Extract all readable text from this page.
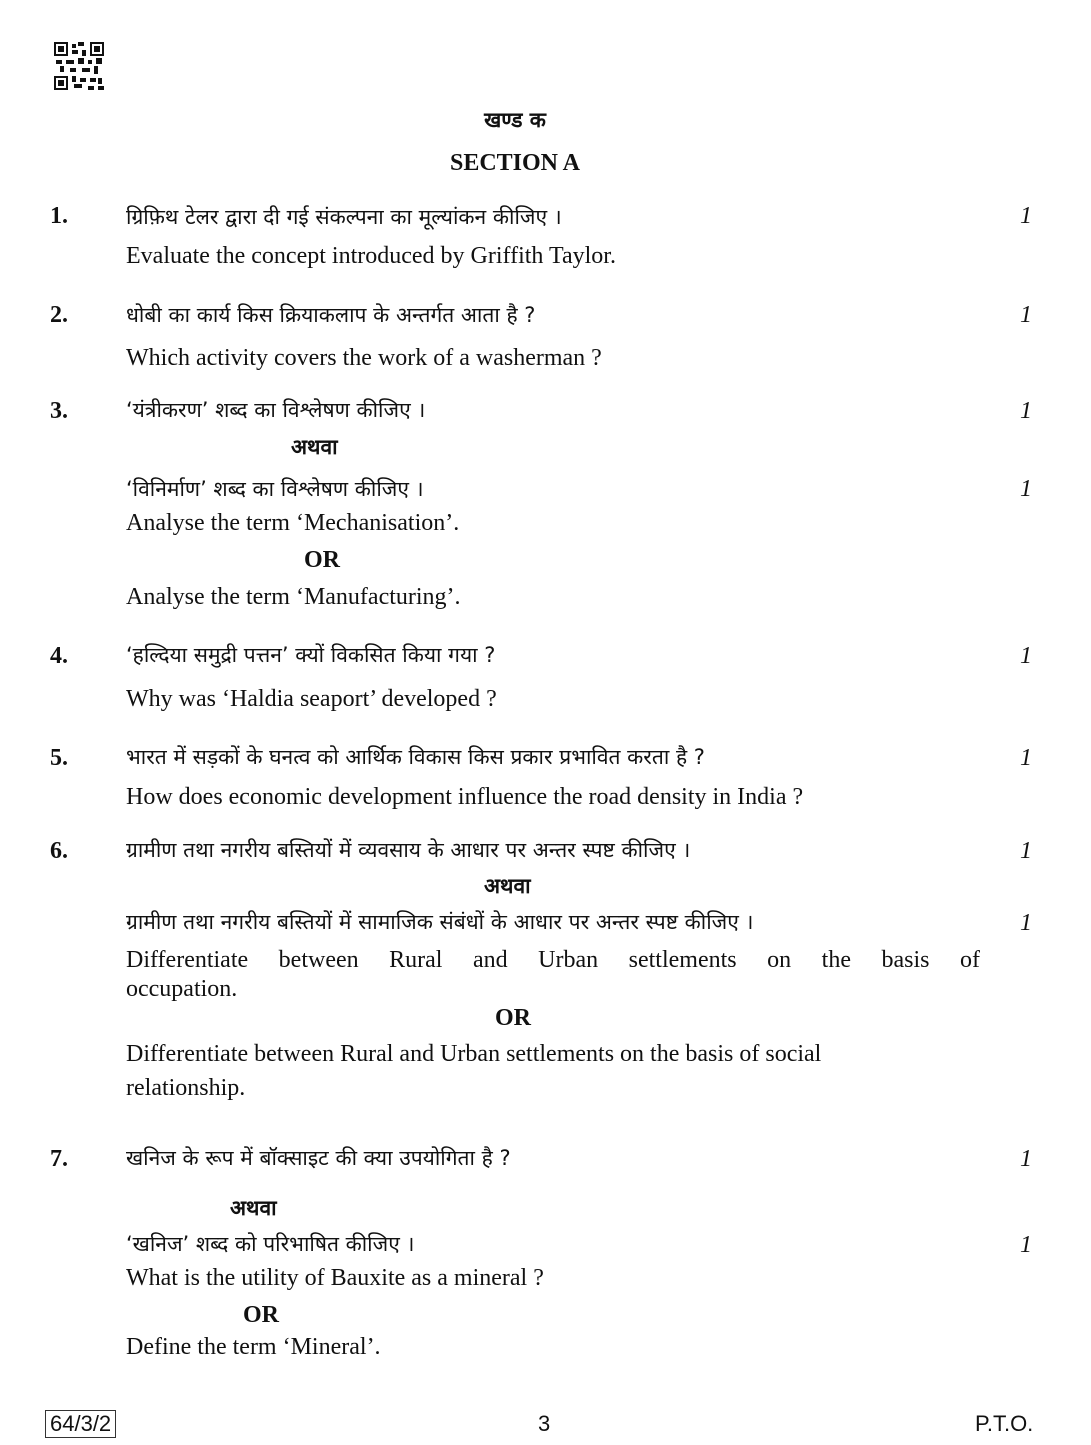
खण्ड क
SECTION A
1.	ग्रिफ़िथ टेलर द्वारा दी गई संकल्पना का मूल्यांकन कीजिए ।	1
Evaluate the concept introduced by Griffith Taylor.
2.	धोबी का कार्य किस क्रियाकलाप के अन्तर्गत आता है ?	1
Which activity covers the work of a washerman ?
3.	‘यंत्रीकरण’ शब्द का विश्लेषण कीजिए ।	1
अथवा
‘विनिर्माण’ शब्द का विश्लेषण कीजिए ।	1
Analyse the term ‘Mechanisation’.
OR
Analyse the term ‘Manufacturing’.
4.	‘हल्दिया समुद्री पत्तन’ क्यों विकसित किया गया ?	1
Why was ‘Haldia seaport’ developed ?
5.	भारत में सड़कों के घनत्व को आर्थिक विकास किस प्रकार प्रभावित करता है ?	1
How does economic development influence the road density in India ?
6.	ग्रामीण तथा नगरीय बस्तियों में व्यवसाय के आधार पर अन्तर स्पष्ट कीजिए ।	1
अथवा
ग्रामीण तथा नगरीय बस्तियों में सामाजिक संबंधों के आधार पर अन्तर स्पष्ट कीजिए ।	1
Differentiate between Rural and Urban settlements on the basis of
occupation.
OR
Differentiate between Rural and Urban settlements on the basis of social
relationship.
7.	खनिज के रूप में बॉक्साइट की क्या उपयोगिता है ?	1
अथवा
‘खनिज’ शब्द को परिभाषित कीजिए ।	1
What is the utility of Bauxite as a mineral ?
OR
Define the term ‘Mineral’.
64/3/2	3	P.T.O.
